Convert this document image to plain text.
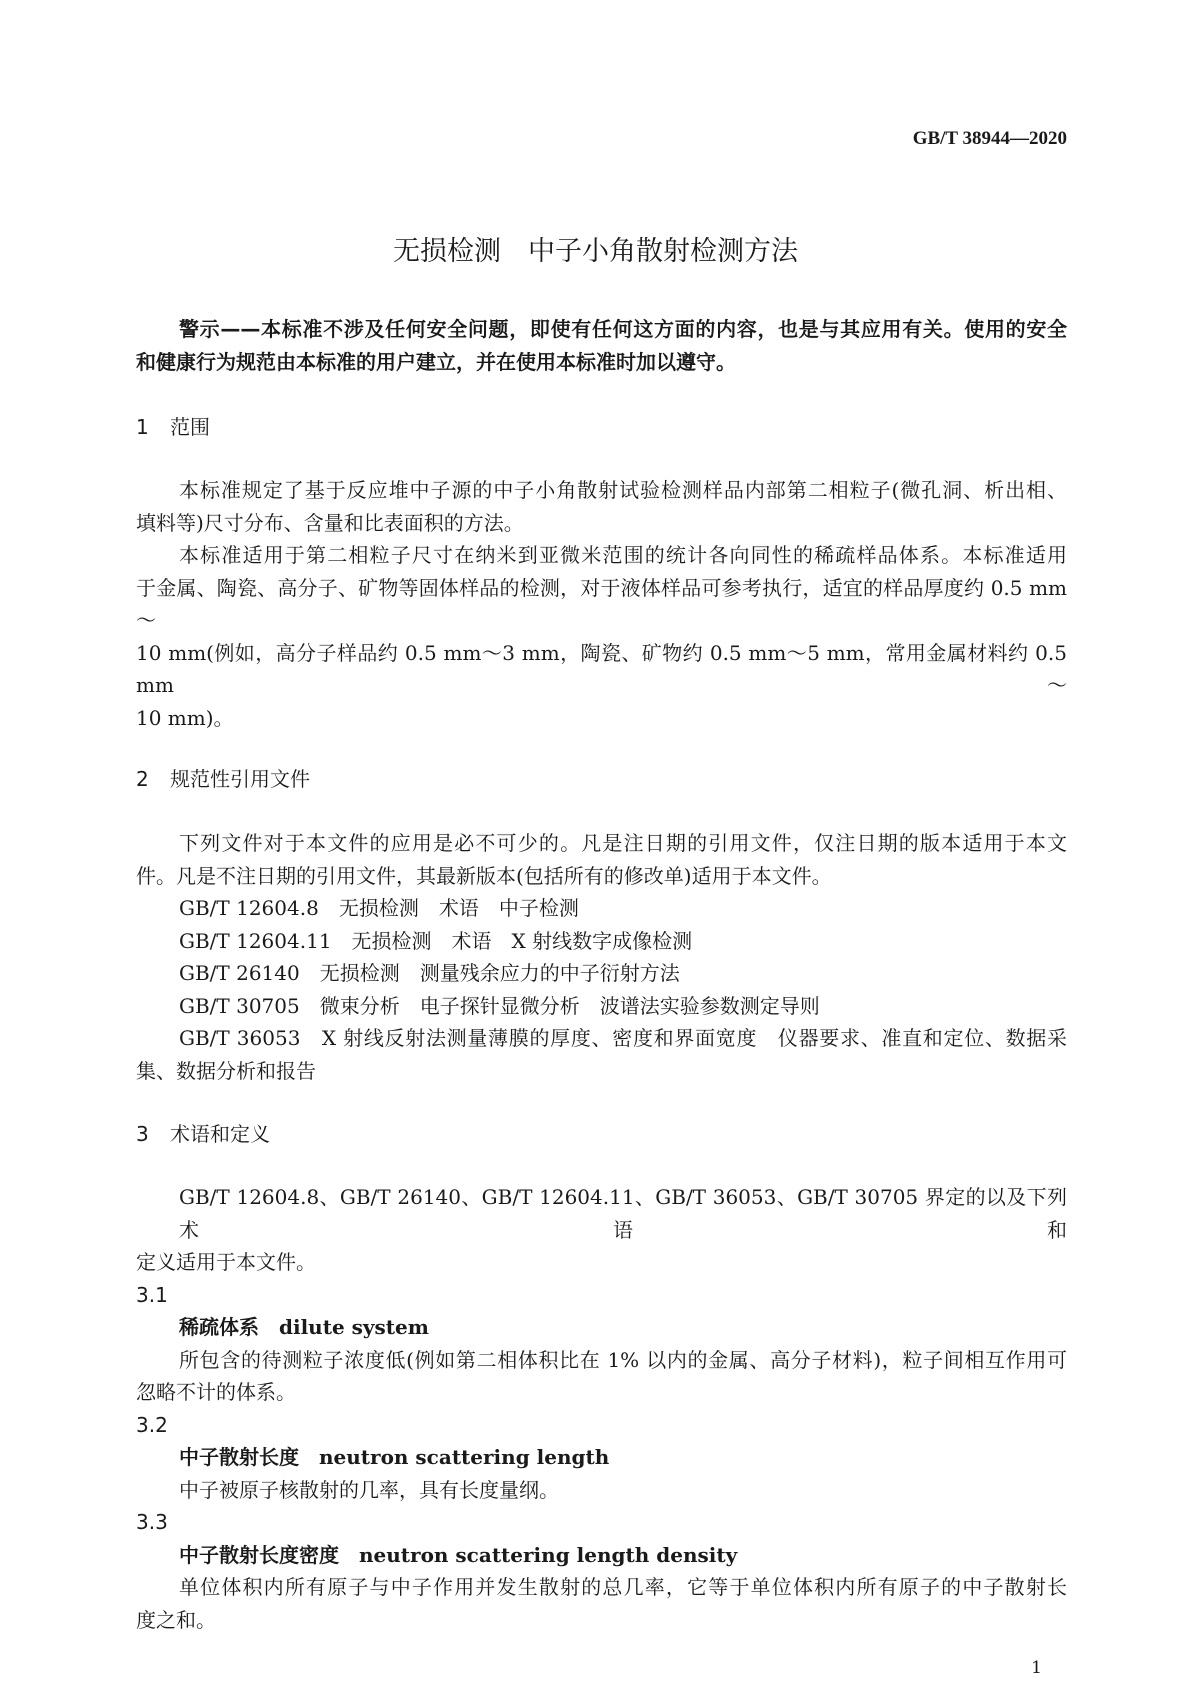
GB/T 38944—2020
无损检测　中子小角散射检测方法
警示——本标准不涉及任何安全问题，即使有任何这方面的内容，也是与其应用有关。使用的安全
和健康行为规范由本标准的用户建立，并在使用本标准时加以遵守。
1 范围
本标准规定了基于反应堆中子源的中子小角散射试验检测样品内部第二相粒子(微孔洞、析出相、
填料等)尺寸分布、含量和比表面积的方法。
本标准适用于第二相粒子尺寸在纳米到亚微米范围的统计各向同性的稀疏样品体系。本标准适用
于金属、陶瓷、高分子、矿物等固体样品的检测，对于液体样品可参考执行，适宜的样品厚度约 0.5 mm～
10 mm(例如，高分子样品约 0.5 mm～3 mm，陶瓷、矿物约 0.5 mm～5 mm，常用金属材料约 0.5 mm～
10 mm)。
2 规范性引用文件
下列文件对于本文件的应用是必不可少的。凡是注日期的引用文件，仅注日期的版本适用于本文
件。凡是不注日期的引用文件，其最新版本(包括所有的修改单)适用于本文件。
GB/T 12604.8　无损检测　术语　中子检测
GB/T 12604.11　无损检测　术语　X 射线数字成像检测
GB/T 26140　无损检测　测量残余应力的中子衍射方法
GB/T 30705　微束分析　电子探针显微分析　波谱法实验参数测定导则
GB/T 36053　X 射线反射法测量薄膜的厚度、密度和界面宽度　仪器要求、准直和定位、数据采
集、数据分析和报告
3 术语和定义
GB/T 12604.8、GB/T 26140、GB/T 12604.11、GB/T 36053、GB/T 30705 界定的以及下列术语和
定义适用于本文件。
3.1
稀疏体系　dilute system
所包含的待测粒子浓度低(例如第二相体积比在 1% 以内的金属、高分子材料)，粒子间相互作用可
忽略不计的体系。
3.2
中子散射长度　neutron scattering length
中子被原子核散射的几率，具有长度量纲。
3.3
中子散射长度密度　neutron scattering length density
单位体积内所有原子与中子作用并发生散射的总几率，它等于单位体积内所有原子的中子散射长
度之和。
1
